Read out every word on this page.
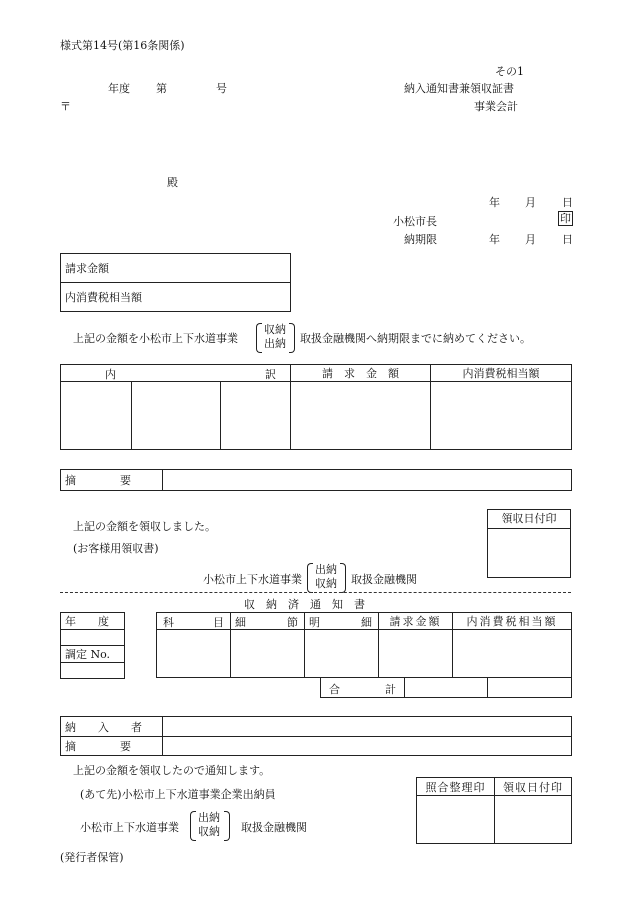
様式第14号(第16条関係)
その1
年度 第	号	納入通知書兼領収証書
事業会計
〒
殿
年 月 日
小松市長	印
納期限	年 月 日
請求金額
内消費税相当額
上記の金額を小松市上下水道事業
収納
出納 取扱金融機関へ納期限までに納めてください。
内 訳			請　求　金　額	内消費税相当額

摘　　　　要	
上記の金額を領収しました。
(お客様用領収書)
領収日付印
小松市上下水道事業
出納
収納 取扱金融機関
収　納　済　通　知　書
年　　度

調定 No.

科 目	細 節	明 細	請求金額	内消費税相当額

合	計

納　　入　　者	
摘　　　　要	
上記の金額を領収したので通知します。
(あて先)小松市上下水道事業企業出納員
照合整理印	領収日付印

小松市上下水道事業
出納
収納 取扱金融機関
(発行者保管)
